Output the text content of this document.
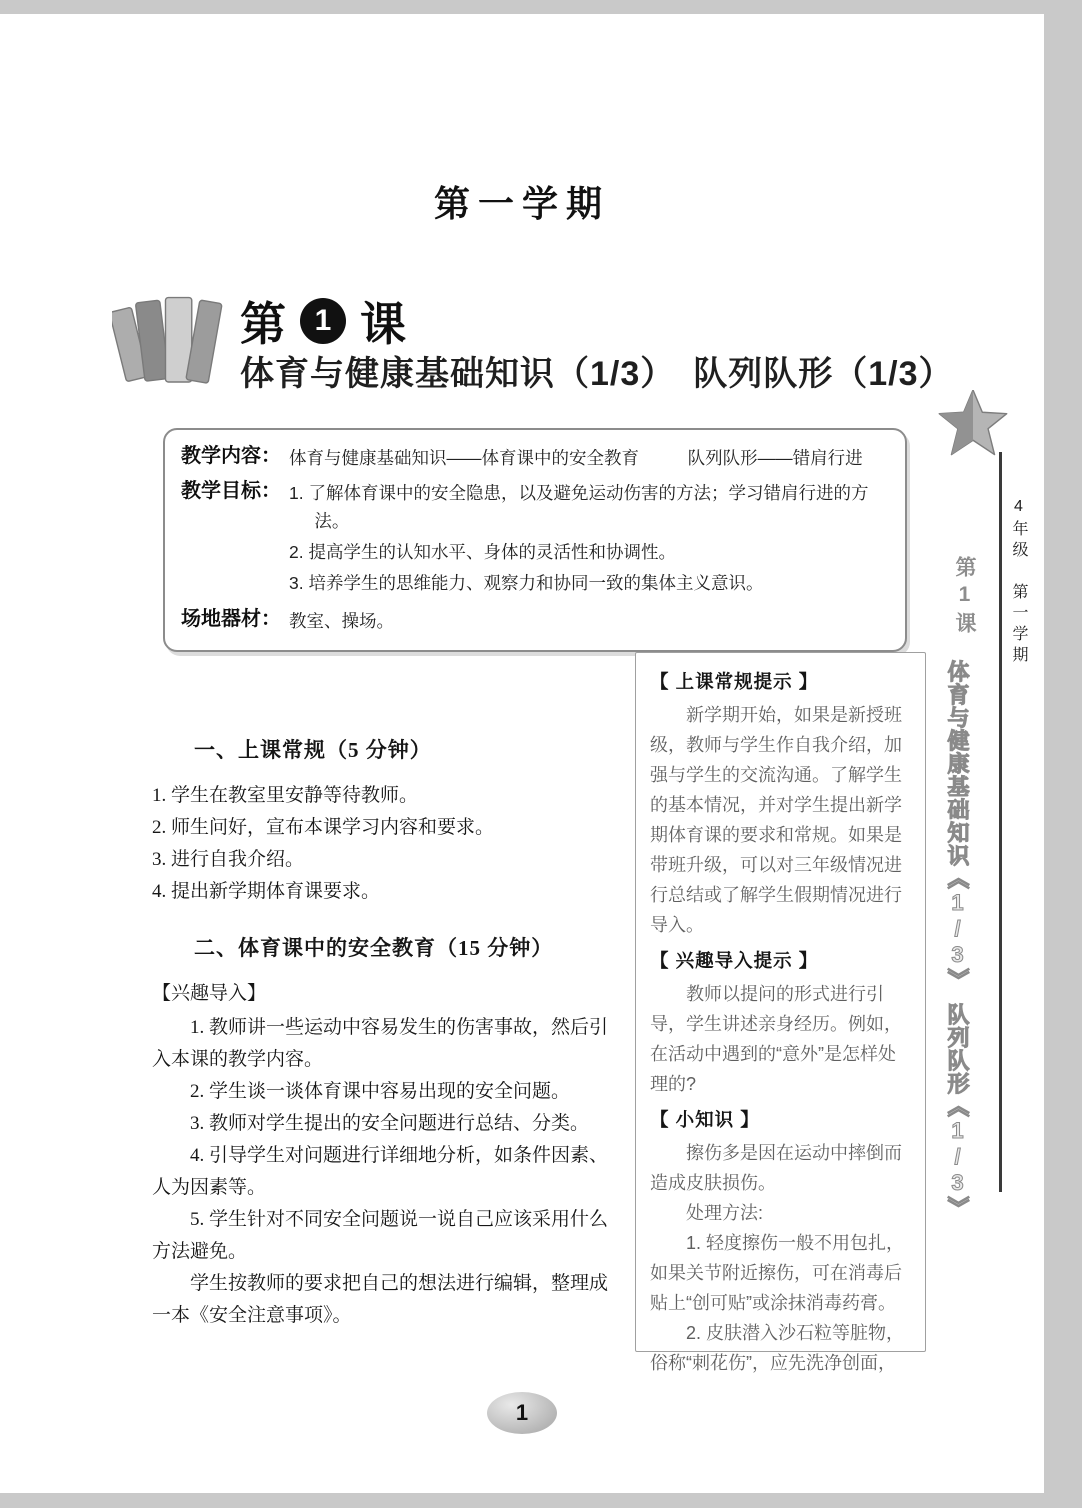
第一学期
第 1 课
体育与健康基础知识（1/3）　队列队形（1/3）
教学内容： 体育与健康基础知识——体育课中的安全教育	队列队形——错肩行进
教学目标： 1. 了解体育课中的安全隐患，以及避免运动伤害的方法；学习错肩行进的方法。

2. 提高学生的认知水平、身体的灵活性和协调性。

3. 培养学生的思维能力、观察力和协同一致的集体主义意识。

场地器材： 教室、操场。
一、上课常规（5 分钟）

1. 学生在教室里安静等待教师。

2. 师生问好，宣布本课学习内容和要求。

3. 进行自我介绍。

4. 提出新学期体育课要求。

二、体育课中的安全教育（15 分钟）

【兴趣导入】

1. 教师讲一些运动中容易发生的伤害事故，然后引入本课的教学内容。

2. 学生谈一谈体育课中容易出现的安全问题。

3. 教师对学生提出的安全问题进行总结、分类。

4. 引导学生对问题进行详细地分析，如条件因素、人为因素等。

5. 学生针对不同安全问题说一说自己应该采用什么方法避免。

学生按教师的要求把自己的想法进行编辑，整理成一本《安全注意事项》。

【 上课常规提示 】

新学期开始，如果是新授班级，教师与学生作自我介绍，加强与学生的交流沟通。了解学生的基本情况，并对学生提出新学期体育课的要求和常规。如果是带班升级，可以对三年级情况进行总结或了解学生假期情况进行导入。

【 兴趣导入提示 】

教师以提问的形式进行引导，学生讲述亲身经历。例如，在活动中遇到的“意外”是怎样处理的?

【 小知识 】

擦伤多是因在运动中摔倒而造成皮肤损伤。

处理方法:

1. 轻度擦伤一般不用包扎，如果关节附近擦伤，可在消毒后贴上“创可贴”或涂抹消毒药膏。

2. 皮肤潜入沙石粒等脏物，俗称“刺花伤”，应先洗净创面，

4年级　第一学期
第1课
体育与健康基础知识《1/3》　队列队形《1/3》
1
